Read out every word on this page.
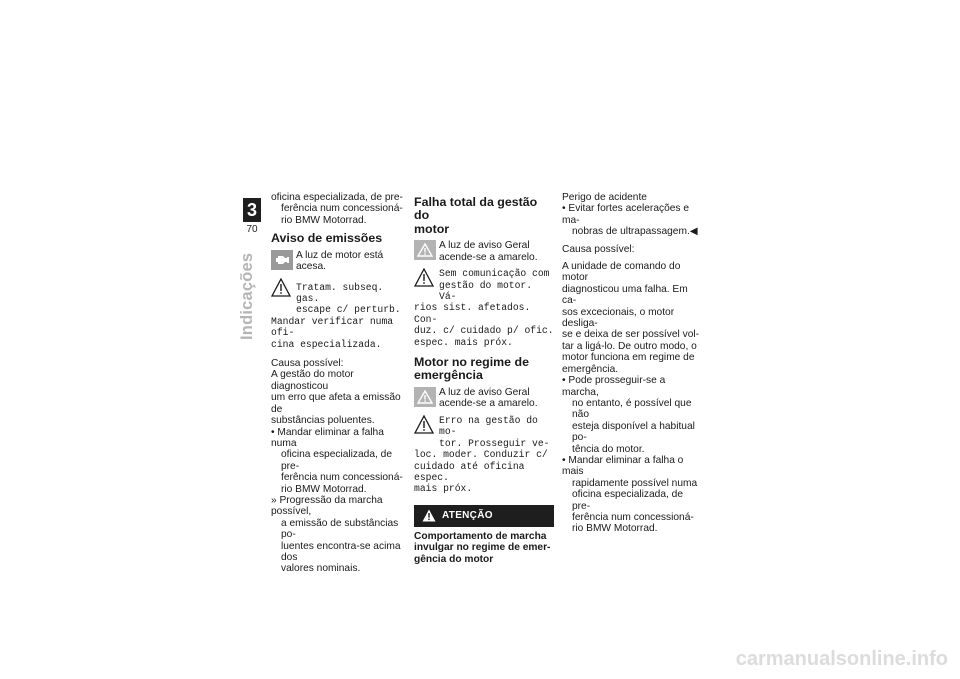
3
70
Indicações

oficina especializada, de pre-

ferência num concessioná-

rio BMW Motorrad.

Aviso de emissões

A luz de motor está acesa.

Tratam. subseq. gas.

escape c/ perturb.

Mandar verificar numa ofi-

cina especializada.

Causa possível:

A gestão do motor diagnosticou

um erro que afeta a emissão de

substâncias poluentes.

• Mandar eliminar a falha numa

oficina especializada, de pre-

ferência num concessioná-

rio BMW Motorrad.

» Progressão da marcha possível,

a emissão de substâncias po-

luentes encontra-se acima dos

valores nominais.

Falha total da gestão do
motor

A luz de aviso Geral

acende-se a amarelo.

Sem comunicação com

gestão do motor. Vá-

rios sist. afetados. Con-

duz. c/ cuidado p/ ofic.

espec. mais próx.

Motor no regime de
emergência

A luz de aviso Geral

acende-se a amarelo.

Erro na gestão do mo-

tor. Prosseguir ve-

loc. moder. Conduzir c/

cuidado até oficina espec.

mais próx.

ATENÇÃO

Comportamento de marcha

invulgar no regime de emer-

gência do motor

Perigo de acidente

• Evitar fortes acelerações e ma-

nobras de ultrapassagem.◀

Causa possível:

A unidade de comando do motor

diagnosticou uma falha. Em ca-

sos excecionais, o motor desliga-

se e deixa de ser possível vol-

tar a ligá-lo. De outro modo, o

motor funciona em regime de

emergência.

• Pode prosseguir-se a marcha,

no entanto, é possível que não

esteja disponível a habitual po-

tência do motor.

• Mandar eliminar a falha o mais

rapidamente possível numa

oficina especializada, de pre-

ferência num concessioná-

rio BMW Motorrad.

carmanualsonline.info
